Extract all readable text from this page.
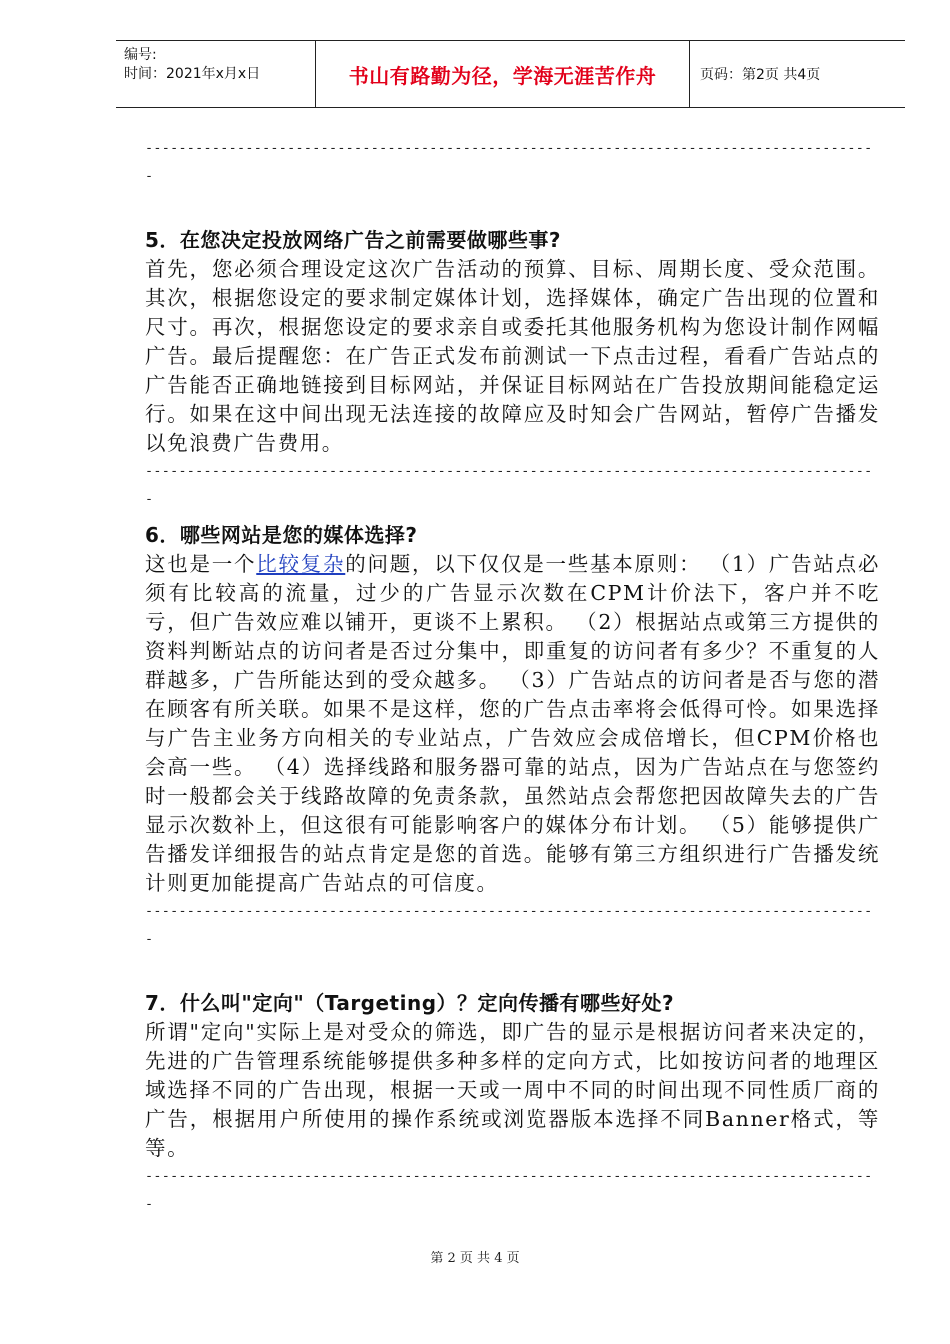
编号:
时间：2021年x月x日	书山有路勤为径，学海无涯苦作舟	页码：第2页 共4页
----------------------------------------------------------------------------------------
5．在您决定投放网络广告之前需要做哪些事?

首先，您必须合理设定这次广告活动的预算、目标、周期长度、受众范围。其次，根据您设定的要求制定媒体计划，选择媒体，确定广告出现的位置和尺寸。再次，根据您设定的要求亲自或委托其他服务机构为您设计制作网幅广告。最后提醒您：在广告正式发布前测试一下点击过程，看看广告站点的广告能否正确地链接到目标网站，并保证目标网站在广告投放期间能稳定运行。如果在这中间出现无法连接的故障应及时知会广告网站，暂停广告播发以免浪费广告费用。

----------------------------------------------------------------------------------------
6．哪些网站是您的媒体选择?

这也是一个比较复杂的问题，以下仅仅是一些基本原则： （1）广告站点必须有比较高的流量，过少的广告显示次数在CPM计价法下，客户并不吃亏，但广告效应难以铺开，更谈不上累积。 （2）根据站点或第三方提供的资料判断站点的访问者是否过分集中，即重复的访问者有多少？不重复的人群越多，广告所能达到的受众越多。 （3）广告站点的访问者是否与您的潜在顾客有所关联。如果不是这样，您的广告点击率将会低得可怜。如果选择与广告主业务方向相关的专业站点，广告效应会成倍增长，但CPM价格也会高一些。 （4）选择线路和服务器可靠的站点，因为广告站点在与您签约时一般都会关于线路故障的免责条款，虽然站点会帮您把因故障失去的广告显示次数补上，但这很有可能影响客户的媒体分布计划。 （5）能够提供广告播发详细报告的站点肯定是您的首选。能够有第三方组织进行广告播发统计则更加能提高广告站点的可信度。

----------------------------------------------------------------------------------------
7．什么叫"定向"（Targeting）？定向传播有哪些好处?

所谓"定向"实际上是对受众的筛选，即广告的显示是根据访问者来决定的，先进的广告管理系统能够提供多种多样的定向方式，比如按访问者的地理区域选择不同的广告出现，根据一天或一周中不同的时间出现不同性质厂商的广告，根据用户所使用的操作系统或浏览器版本选择不同Banner格式，等等。

----------------------------------------------------------------------------------------
第 2 页 共 4 页
